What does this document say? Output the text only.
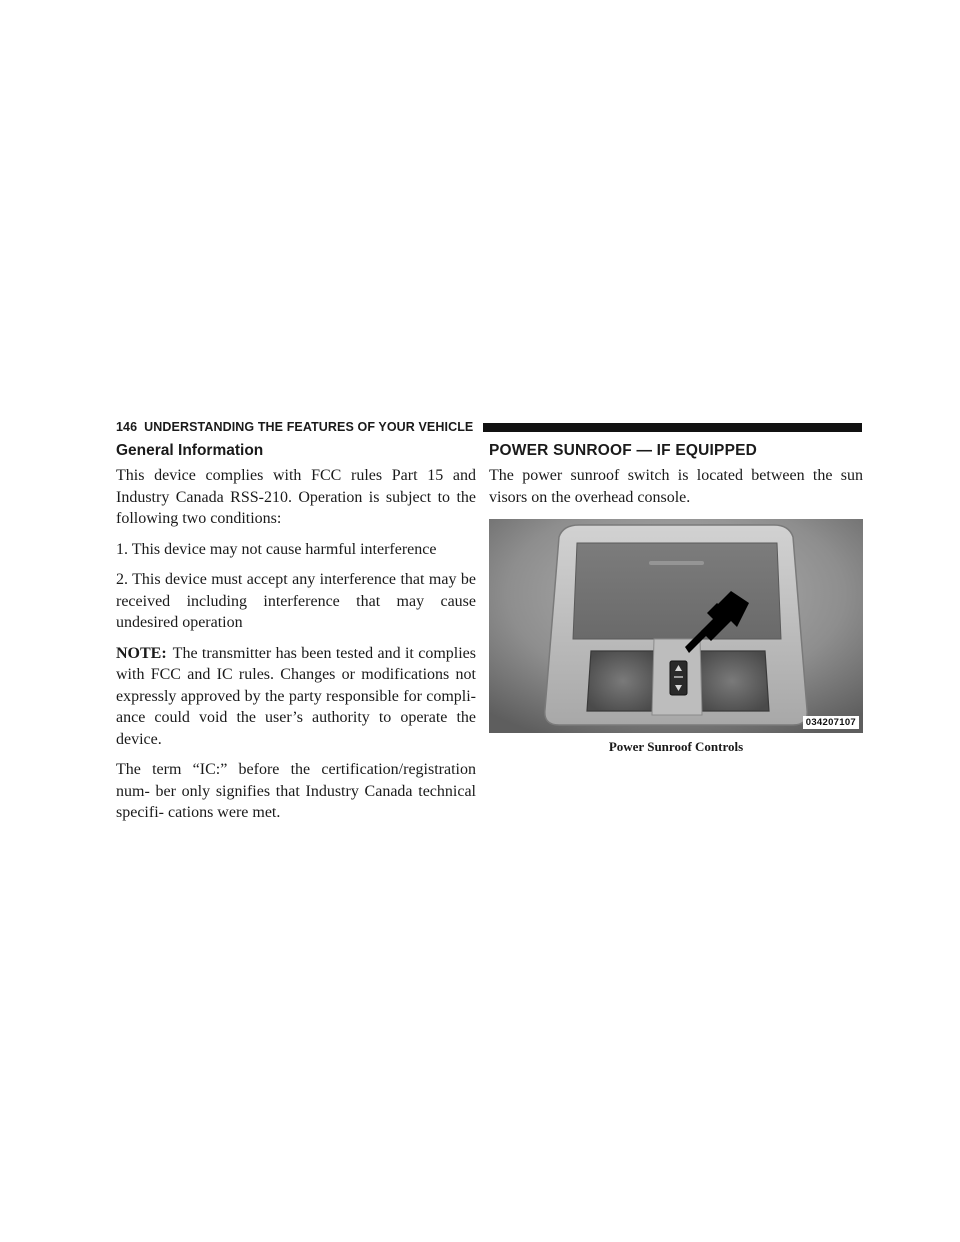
146 UNDERSTANDING THE FEATURES OF YOUR VEHICLE
General Information

This device complies with FCC rules Part 15 and Industry Canada RSS-210. Operation is subject to the following two conditions:

1. This device may not cause harmful interference

2. This device must accept any interference that may be received including interference that may cause undesired operation

NOTE: The transmitter has been tested and it complies with FCC and IC rules. Changes or modifications not expressly approved by the party responsible for compli- ance could void the user’s authority to operate the device.

The term “IC:” before the certification/registration num- ber only signifies that Industry Canada technical specifi- cations were met.

POWER SUNROOF — IF EQUIPPED

The power sunroof switch is located between the sun visors on the overhead console.

034207107
Power Sunroof Controls
